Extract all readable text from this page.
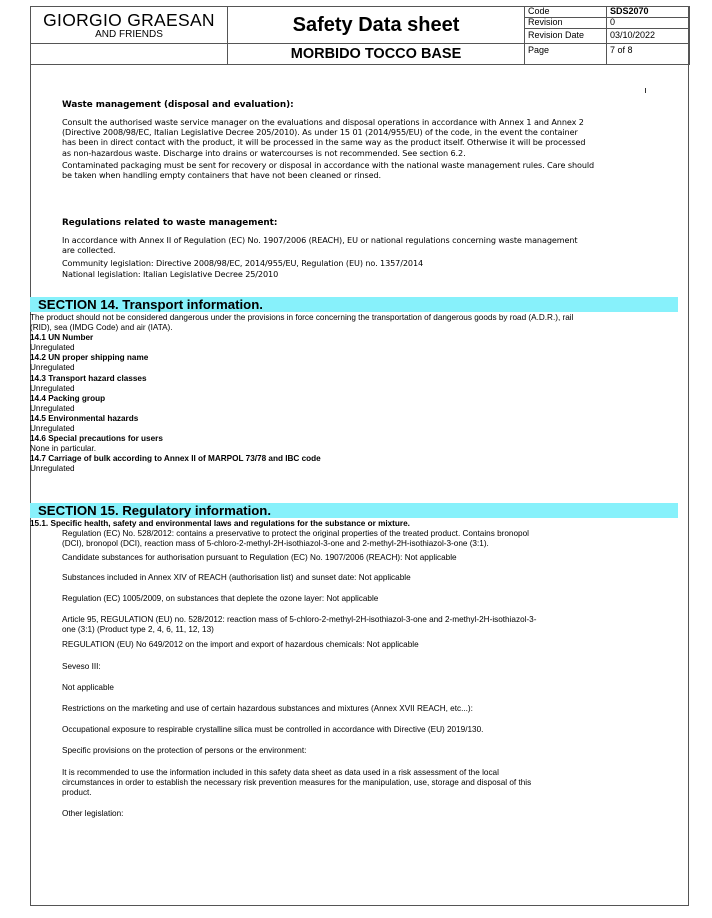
GIORGIO GRAESAN
AND FRIENDS	Safety Data sheet	Code	SDS2070
		Revision	0
		Revision Date	03/10/2022
	MORBIDO TOCCO BASE	Page	7 of 8
Waste management (disposal and evaluation):

Consult the authorised waste service manager on the evaluations and disposal operations in accordance with Annex 1 and Annex 2

(Directive 2008/98/EC, Italian Legislative Decree 205/2010). As under 15 01 (2014/955/EU) of the code, in the event the container

has been in direct contact with the product, it will be processed in the same way as the product itself. Otherwise it will be processed

as non-hazardous waste. Discharge into drains or watercourses is not recommended. See section 6.2.

Contaminated packaging must be sent for recovery or disposal in accordance with the national waste management rules. Care should

be taken when handling empty containers that have not been cleaned or rinsed.

Regulations related to waste management:

In accordance with Annex II of Regulation (EC) No. 1907/2006 (REACH), EU or national regulations concerning waste management

are collected.

Community legislation: Directive 2008/98/EC, 2014/955/EU, Regulation (EU) no. 1357/2014

National legislation: Italian Legislative Decree 25/2010

SECTION 14. Transport information.
The product should not be considered dangerous under the provisions in force concerning the transportation of dangerous goods by road (A.D.R.), rail
(RID), sea (IMDG Code) and air (IATA).
14.1 UN Number
Unregulated
14.2 UN proper shipping name
Unregulated
14.3 Transport hazard classes
Unregulated
14.4 Packing group
Unregulated
14.5 Environmental hazards
Unregulated
14.6 Special precautions for users
None in particular.
14.7 Carriage of bulk according to Annex II of MARPOL 73/78 and IBC code
Unregulated
SECTION 15. Regulatory information.
15.1. Specific health, safety and environmental laws and regulations for the substance or mixture.

Regulation (EC) No. 528/2012: contains a preservative to protect the original properties of the treated product. Contains bronopol
(DCI), bronopol (DCI), reaction mass of 5-chloro-2-methyl-2H-isothiazol-3-one and 2-methyl-2H-isothiazol-3-one (3:1).

Candidate substances for authorisation pursuant to Regulation (EC) No. 1907/2006 (REACH): Not applicable

Substances included in Annex XIV of REACH (authorisation list) and sunset date: Not applicable

Regulation (EC) 1005/2009, on substances that deplete the ozone layer: Not applicable

Article 95, REGULATION (EU) no. 528/2012: reaction mass of 5-chloro-2-methyl-2H-isothiazol-3-one and 2-methyl-2H-isothiazol-3-
one (3:1) (Product type 2, 4, 6, 11, 12, 13)

REGULATION (EU) No 649/2012 on the import and export of hazardous chemicals: Not applicable

Seveso III:

Not applicable

Restrictions on the marketing and use of certain hazardous substances and mixtures (Annex XVII REACH, etc...):

Occupational exposure to respirable crystalline silica must be controlled in accordance with Directive (EU) 2019/130.

Specific provisions on the protection of persons or the environment:

It is recommended to use the information included in this safety data sheet as data used in a risk assessment of the local
circumstances in order to establish the necessary risk prevention measures for the manipulation, use, storage and disposal of this
product.

Other legislation:
